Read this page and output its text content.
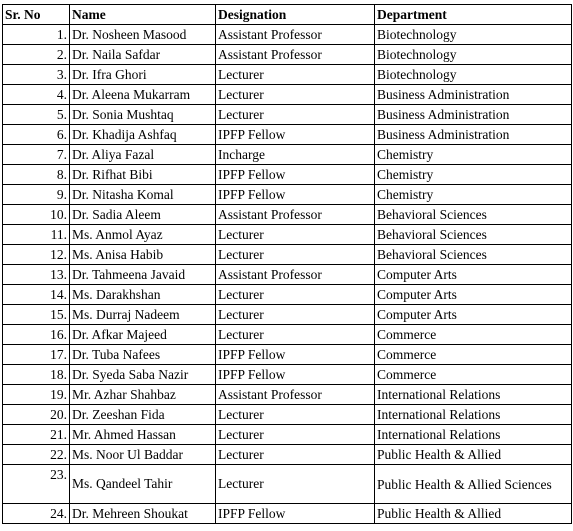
Sr. No	Name	Designation	Department
1.	Dr. Nosheen Masood	Assistant Professor	Biotechnology
2.	Dr. Naila Safdar	Assistant Professor	Biotechnology
3.	Dr. Ifra Ghori	Lecturer	Biotechnology
4.	Dr. Aleena Mukarram	Lecturer	Business Administration
5.	Dr. Sonia Mushtaq	Lecturer	Business Administration
6.	Dr. Khadija Ashfaq	IPFP Fellow	Business Administration
7.	Dr. Aliya Fazal	Incharge	Chemistry
8.	Dr. Rifhat Bibi	IPFP Fellow	Chemistry
9.	Dr. Nitasha Komal	IPFP Fellow	Chemistry
10.	Dr. Sadia Aleem	Assistant Professor	Behavioral Sciences
11.	Ms. Anmol Ayaz	Lecturer	Behavioral Sciences
12.	Ms. Anisa Habib	Lecturer	Behavioral Sciences
13.	Dr. Tahmeena Javaid	Assistant Professor	Computer Arts
14.	Ms. Darakhshan	Lecturer	Computer Arts
15.	Ms. Durraj Nadeem	Lecturer	Computer Arts
16.	Dr. Afkar Majeed	Lecturer	Commerce
17.	Dr. Tuba Nafees	IPFP Fellow	Commerce
18.	Dr. Syeda Saba Nazir	IPFP Fellow	Commerce
19.	Mr. Azhar Shahbaz	Assistant Professor	International Relations
20.	Dr. Zeeshan Fida	Lecturer	International Relations
21.	Mr. Ahmed Hassan	Lecturer	International Relations
22.	Ms. Noor Ul Baddar	Lecturer	Public Health & Allied
23.	Ms. Qandeel Tahir	Lecturer	Public Health & Allied Sciences
24.	Dr. Mehreen Shoukat	IPFP Fellow	Public Health & Allied
